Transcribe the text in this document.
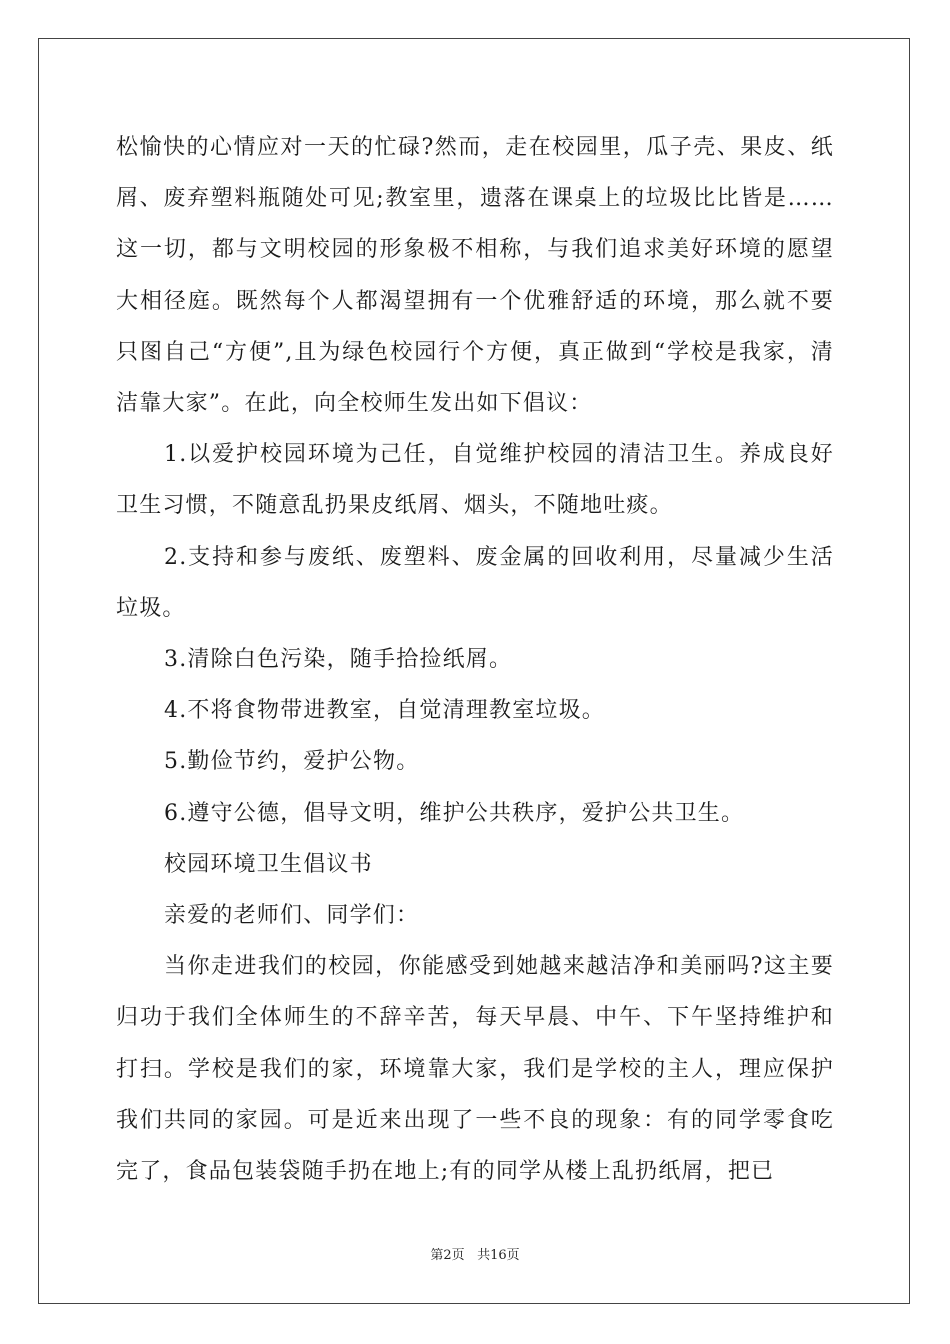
松愉快的心情应对一天的忙碌?然而，走在校园里，瓜子壳、果皮、纸屑、废弃塑料瓶随处可见;教室里，遗落在课桌上的垃圾比比皆是……这一切，都与文明校园的形象极不相称，与我们追求美好环境的愿望大相径庭。既然每个人都渴望拥有一个优雅舒适的环境，那么就不要只图自己“方便”,且为绿色校园行个方便，真正做到“学校是我家，清洁靠大家”。在此，向全校师生发出如下倡议：

1.以爱护校园环境为己任，自觉维护校园的清洁卫生。养成良好卫生习惯，不随意乱扔果皮纸屑、烟头，不随地吐痰。

2.支持和参与废纸、废塑料、废金属的回收利用，尽量减少生活垃圾。

3.清除白色污染，随手拾捡纸屑。

4.不将食物带进教室，自觉清理教室垃圾。

5.勤俭节约，爱护公物。

6.遵守公德，倡导文明，维护公共秩序，爱护公共卫生。

校园环境卫生倡议书

亲爱的老师们、同学们：

当你走进我们的校园，你能感受到她越来越洁净和美丽吗?这主要归功于我们全体师生的不辞辛苦，每天早晨、中午、下午坚持维护和打扫。学校是我们的家，环境靠大家，我们是学校的主人，理应保护我们共同的家园。可是近来出现了一些不良的现象：有的同学零食吃完了，食品包装袋随手扔在地上;有的同学从楼上乱扔纸屑，把已

第2页 共16页
